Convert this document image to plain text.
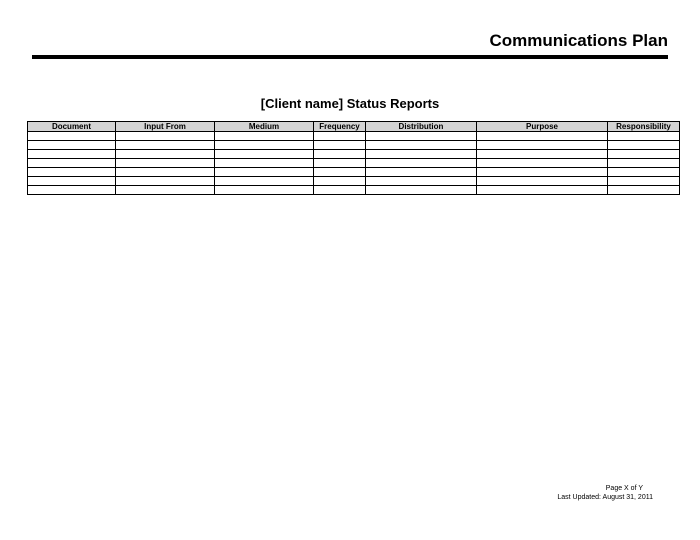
Communications Plan
[Client name] Status Reports
Document	Input From	Medium	Frequency	Distribution	Purpose	Responsibility

Page X of Y
Last Updated: August 31, 2011
